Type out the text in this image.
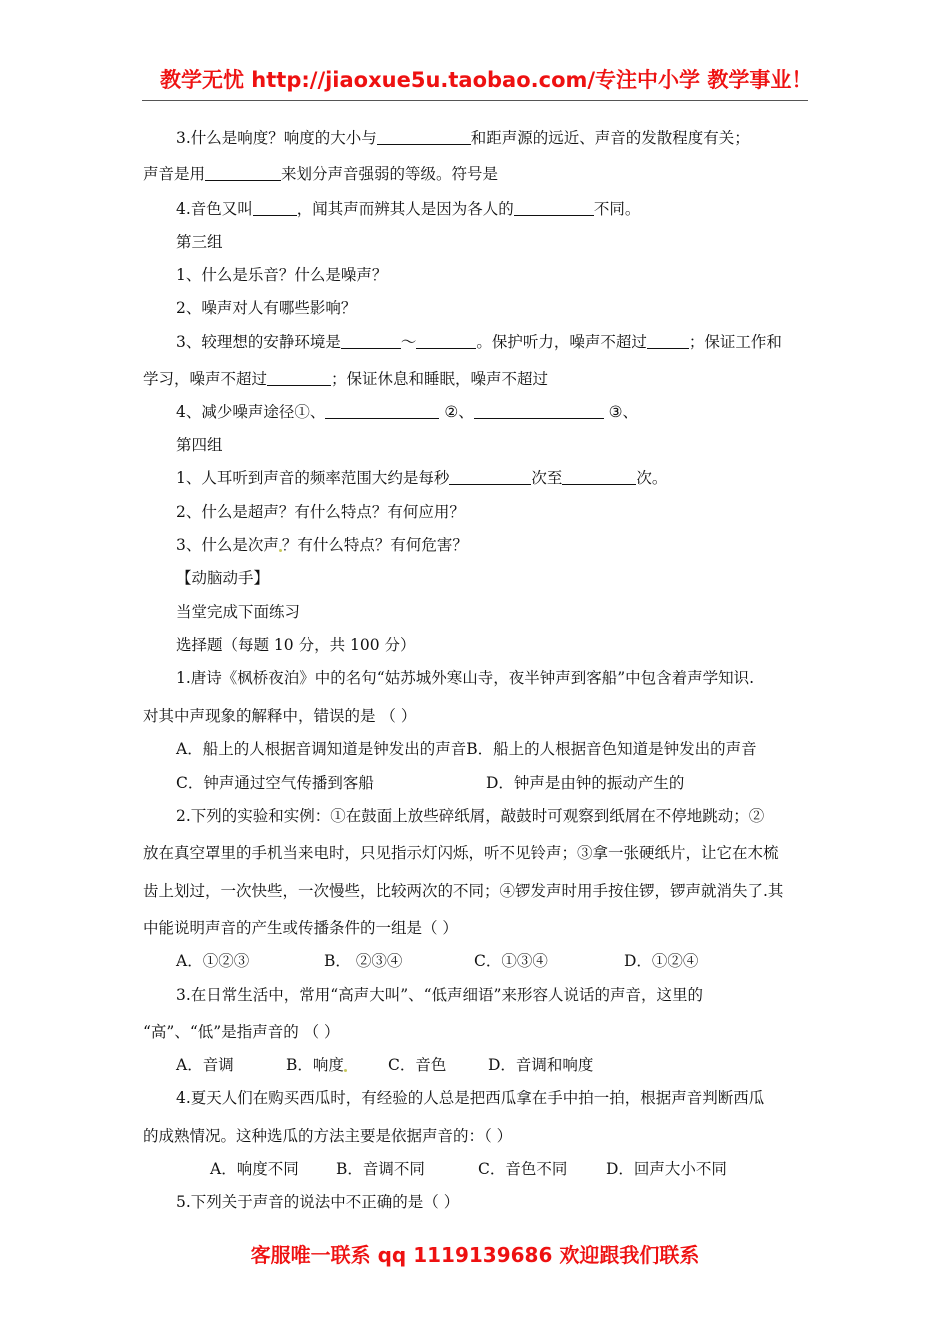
教学无忧 http://jiaoxue5u.taobao.com/专注中小学 教学事业！
3.什么是响度？响度的大小与	和距声源的远近、声音的发散程度有关；
声音是用	来划分声音强弱的等级。符号是
4.音色又叫	，闻其声而辨其人是因为各人的	不同。
第三组
1、什么是乐音？什么是噪声？
2、噪声对人有哪些影响？
3、较理想的安静环境是	～	。保护听力，噪声不超过	；保证工作和
学习，噪声不超过	；保证休息和睡眠，噪声不超过
4、减少噪声途径①、	②、	③、
第四组
1、人耳听到声音的频率范围大约是每秒	次至	次。
2、什么是超声？有什么特点？有何应用？
3、什么是次声 ？有什么特点？有何危害？
【动脑动手】
当堂完成下面练习
选择题（每题 10 分，共 100 分）
1.唐诗《枫桥夜泊》中的名句“姑苏城外寒山寺，夜半钟声到客船”中包含着声学知识.
对其中声现象的解释中，错误的是 （ ）
A．船上的人根据音调知道是钟发出的声音B．船上的人根据音色知道是钟发出的声音
C．钟声通过空气传播到客船	D．钟声是由钟的振动产生的
2.下列的实验和实例：①在鼓面上放些碎纸屑，敲鼓时可观察到纸屑在不停地跳动；②
放在真空罩里的手机当来电时，只见指示灯闪烁，听不见铃声；③拿一张硬纸片，让它在木梳
齿上划过，一次快些，一次慢些，比较两次的不同；④锣发声时用手按住锣，锣声就消失了.其
中能说明声音的产生或传播条件的一组是（ ）
A．①②③	B． ②③④	C．①③④	D．①②④
3.在日常生活中，常用“高声大叫”、“低声细语”来形容人说话的声音，这里的
“高”、“低”是指声音的 （ ）
A．音调	B．响度	C．音色	D．音调和响度
4.夏天人们在购买西瓜时，有经验的人总是把西瓜拿在手中拍一拍，根据声音判断西瓜
的成熟情况。这种选瓜的方法主要是依据声音的：（ ）
A．响度不同 B．音调不同	C．音色不同 D．回声大小不同
5.下列关于声音的说法中不正确的是（ ）
客服唯一联系 qq 1119139686 欢迎跟我们联系
